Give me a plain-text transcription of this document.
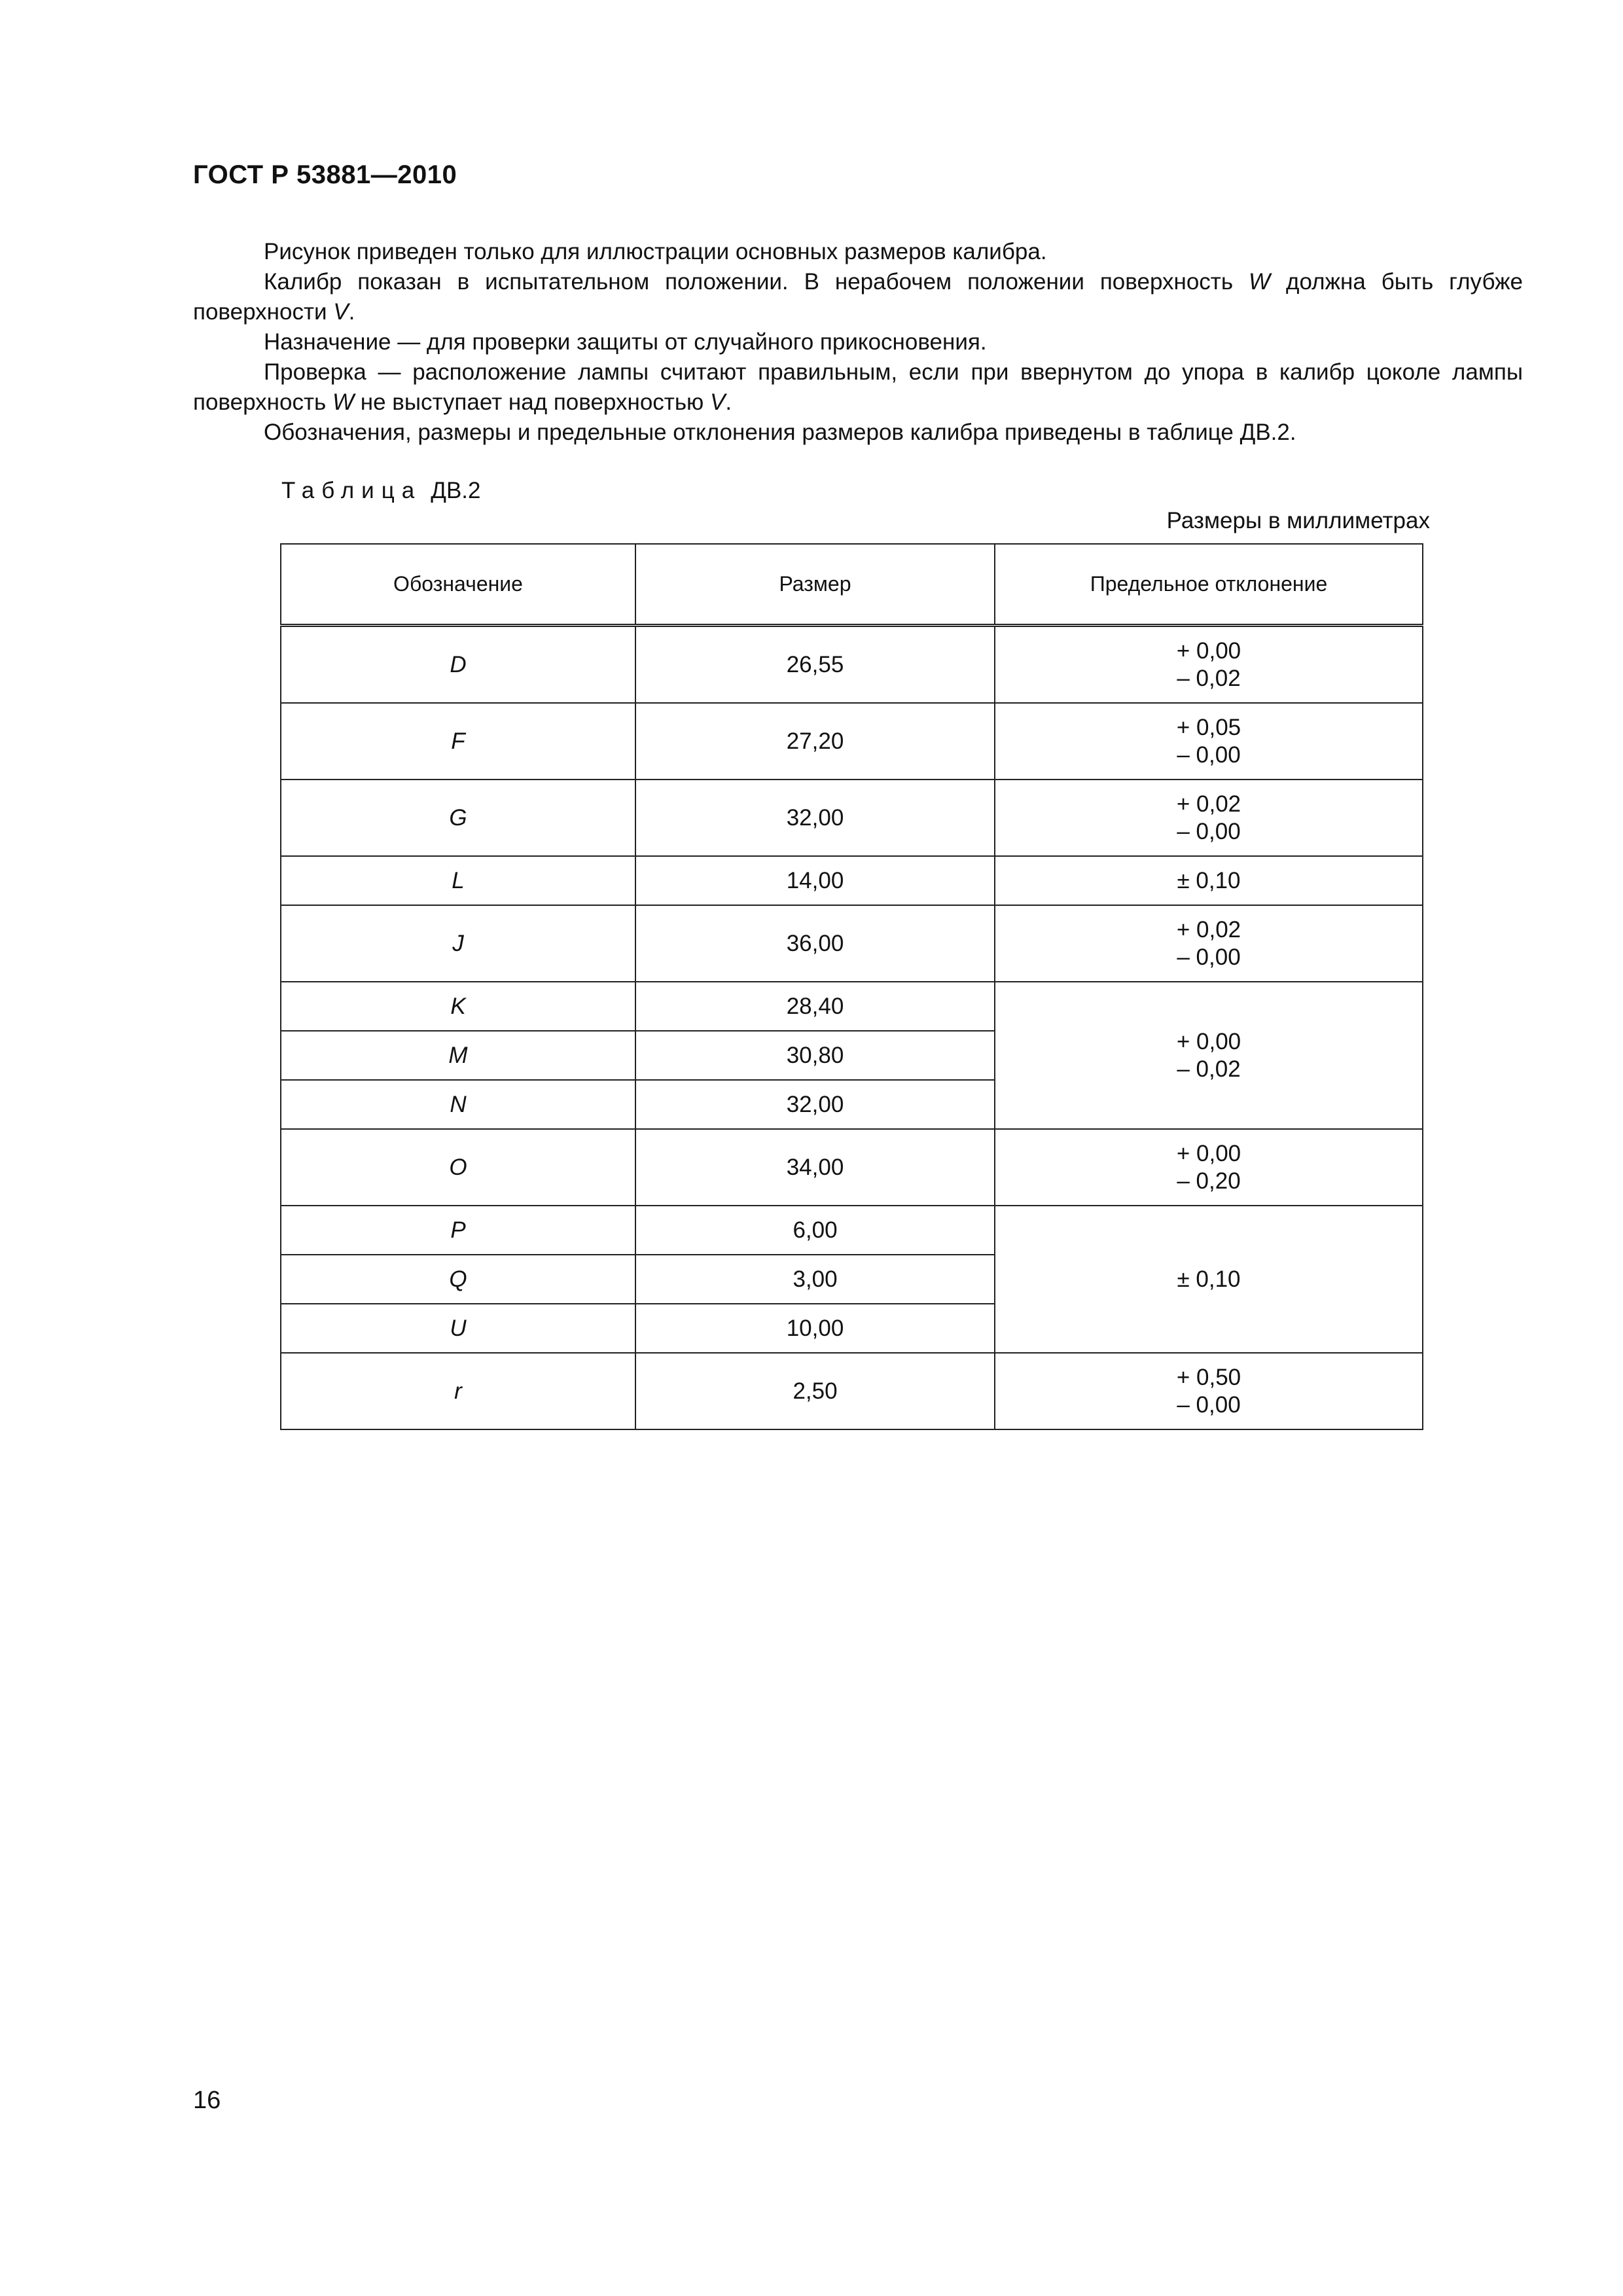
ГОСТ Р 53881—2010

Рисунок приведен только для иллюстрации основных размеров калибра.

Калибр показан в испытательном положении. В нерабочем положении поверхность W должна быть глубже поверхности V.

Назначение — для проверки защиты от случайного прикосновения.

Проверка — расположение лампы считают правильным, если при ввернутом до упора в калибр цоколе лампы поверхность W не выступает над поверхностью V.

Обозначения, размеры и предельные отклонения размеров калибра приведены в таблице ДВ.2.

Таблица ДВ.2
Размеры в миллиметрах
Обозначение	Размер	Предельное отклонение
D	26,55	+ 0,00
– 0,02

F	27,20	+ 0,05
– 0,00

G	32,00	+ 0,02
– 0,00

L	14,00	± 0,10
J	36,00	+ 0,02
– 0,00

K	28,40	+ 0,00
– 0,02

M	30,80	
N	32,00	
O	34,00	+ 0,00
– 0,20

P	6,00	± 0,10
Q	3,00	
U	10,00	
r	2,50	+ 0,50
– 0,00
16
